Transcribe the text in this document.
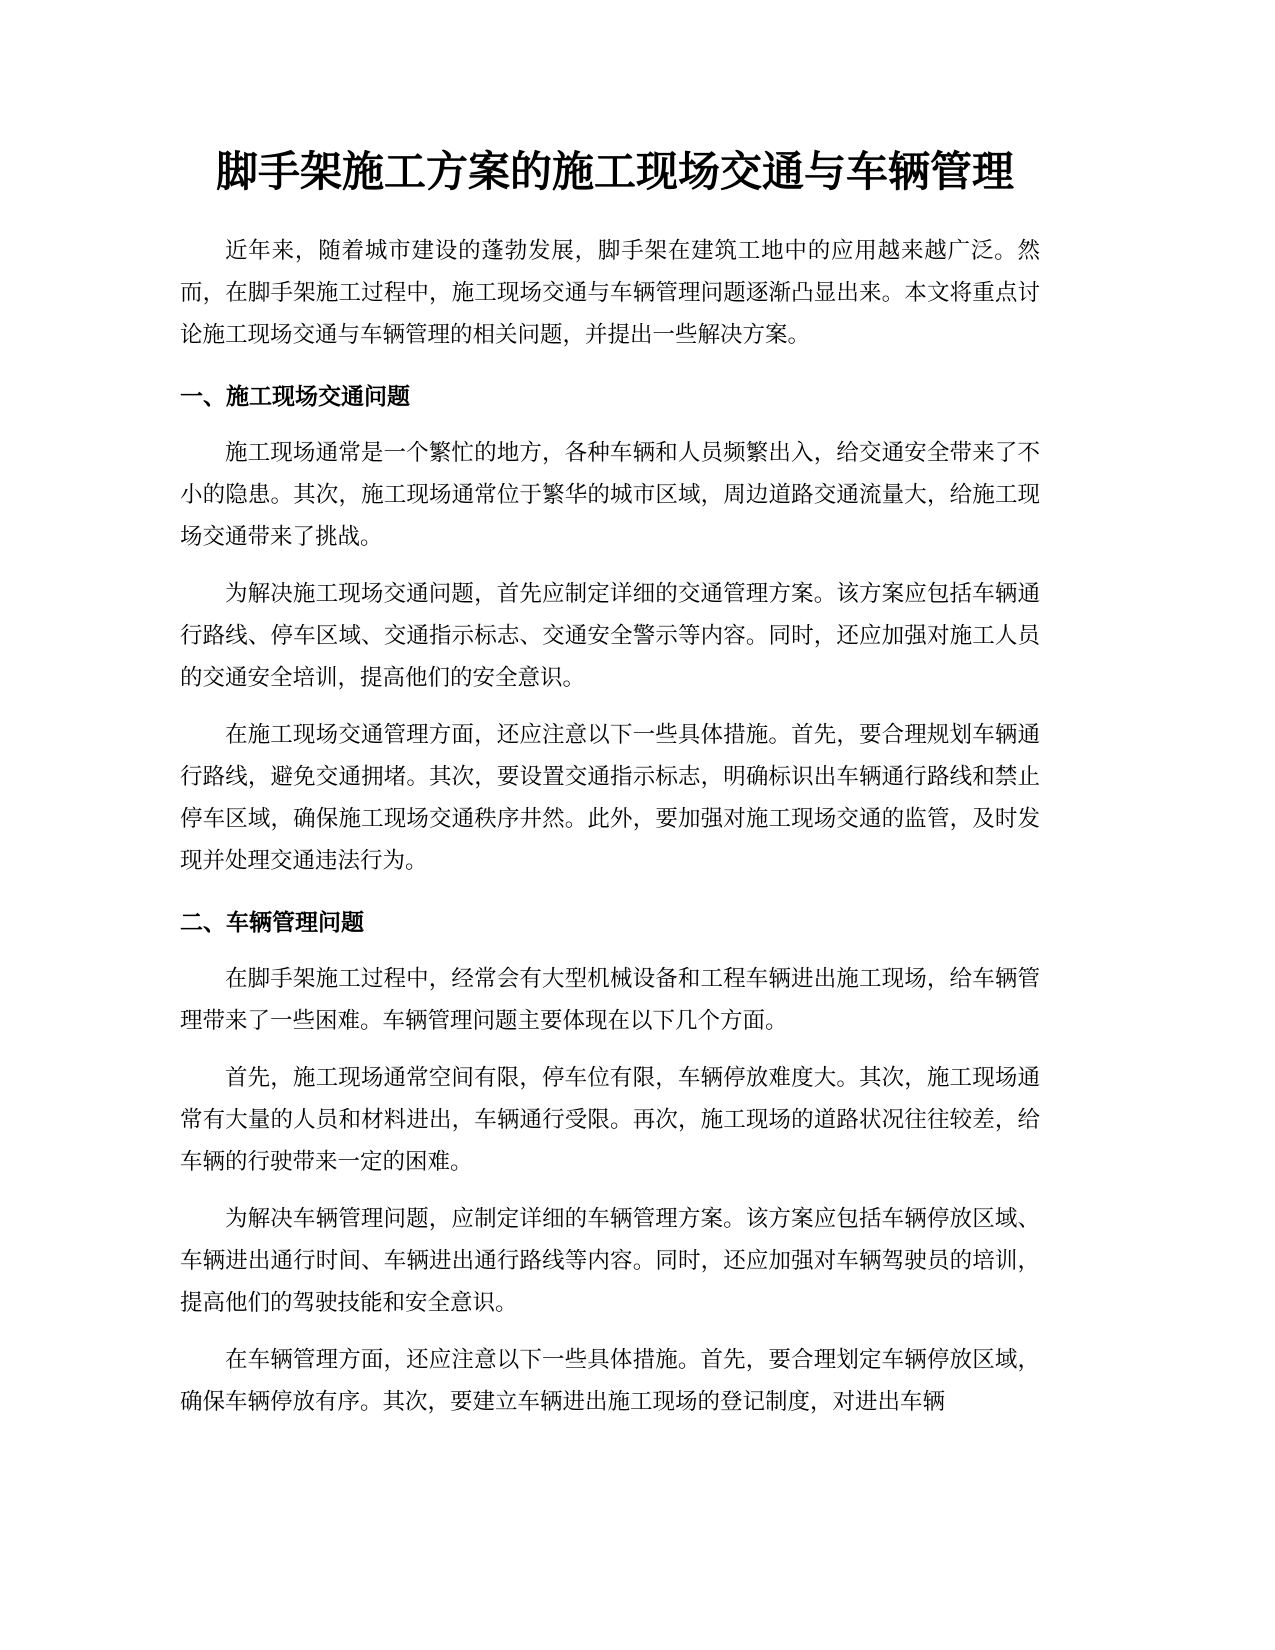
脚手架施工方案的施工现场交通与车辆管理

近年来，随着城市建设的蓬勃发展，脚手架在建筑工地中的应用越来越广泛。然而，在脚手架施工过程中，施工现场交通与车辆管理问题逐渐凸显出来。本文将重点讨论施工现场交通与车辆管理的相关问题，并提出一些解决方案。

一、施工现场交通问题

施工现场通常是一个繁忙的地方，各种车辆和人员频繁出入，给交通安全带来了不小的隐患。其次，施工现场通常位于繁华的城市区域，周边道路交通流量大，给施工现场交通带来了挑战。

为解决施工现场交通问题，首先应制定详细的交通管理方案。该方案应包括车辆通行路线、停车区域、交通指示标志、交通安全警示等内容。同时，还应加强对施工人员的交通安全培训，提高他们的安全意识。

在施工现场交通管理方面，还应注意以下一些具体措施。首先，要合理规划车辆通行路线，避免交通拥堵。其次，要设置交通指示标志，明确标识出车辆通行路线和禁止停车区域，确保施工现场交通秩序井然。此外，要加强对施工现场交通的监管，及时发现并处理交通违法行为。

二、车辆管理问题

在脚手架施工过程中，经常会有大型机械设备和工程车辆进出施工现场，给车辆管理带来了一些困难。车辆管理问题主要体现在以下几个方面。

首先，施工现场通常空间有限，停车位有限，车辆停放难度大。其次，施工现场通常有大量的人员和材料进出，车辆通行受限。再次，施工现场的道路状况往往较差，给车辆的行驶带来一定的困难。

为解决车辆管理问题，应制定详细的车辆管理方案。该方案应包括车辆停放区域、车辆进出通行时间、车辆进出通行路线等内容。同时，还应加强对车辆驾驶员的培训，提高他们的驾驶技能和安全意识。

在车辆管理方面，还应注意以下一些具体措施。首先，要合理划定车辆停放区域，确保车辆停放有序。其次，要建立车辆进出施工现场的登记制度，对进出车辆
